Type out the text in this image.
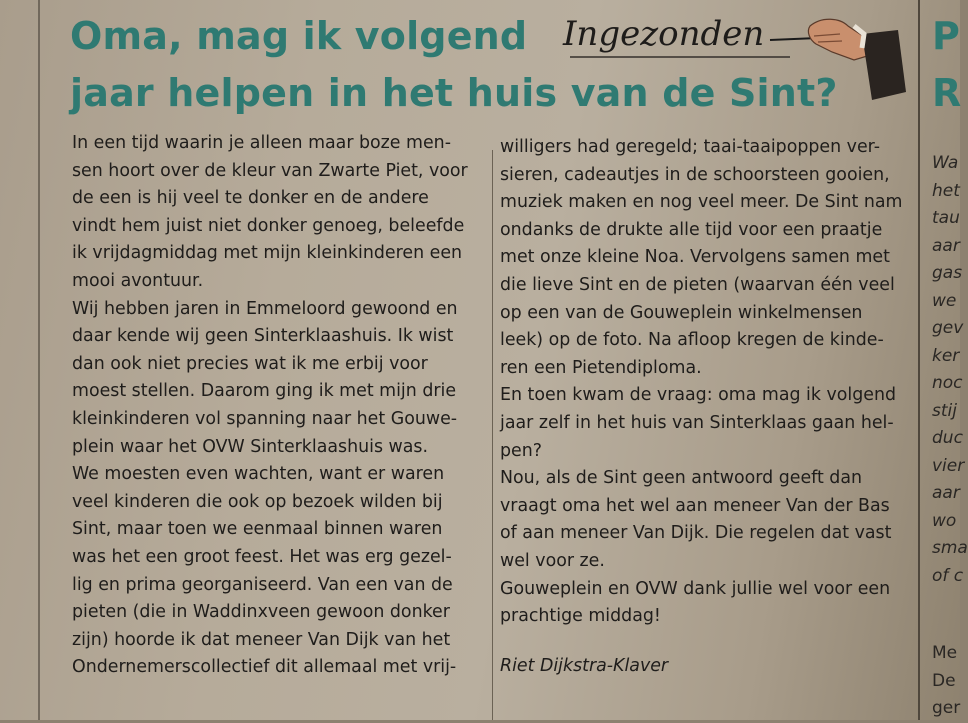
Oma, mag ik volgend
jaar helpen in het huis van de Sint?
Ingezonden
In een tijd waarin je alleen maar boze men-
sen hoort over de kleur van Zwarte Piet, voor
de een is hij veel te donker en de andere
vindt hem juist niet donker genoeg, beleefde
ik vrijdagmiddag met mijn kleinkinderen een
mooi avontuur.
Wij hebben jaren in Emmeloord gewoond en
daar kende wij geen Sinterklaashuis. Ik wist
dan ook niet precies wat ik me erbij voor
moest stellen. Daarom ging ik met mijn drie
kleinkinderen vol spanning naar het Gouwe-
plein waar het OVW Sinterklaashuis was.
We moesten even wachten, want er waren
veel kinderen die ook op bezoek wilden bij
Sint, maar toen we eenmaal binnen waren
was het een groot feest. Het was erg gezel-
lig en prima georganiseerd. Van een van de
pieten (die in Waddinxveen gewoon donker
zijn) hoorde ik dat meneer Van Dijk van het
Ondernemerscollectief dit allemaal met vrij-
willigers had geregeld; taai-taaipoppen ver-
sieren, cadeautjes in de schoorsteen gooien,
muziek maken en nog veel meer. De Sint nam
ondanks de drukte alle tijd voor een praatje
met onze kleine Noa. Vervolgens samen met
die lieve Sint en de pieten (waarvan één veel
op een van de Gouweplein winkelmensen
leek) op de foto. Na afloop kregen de kinde-
ren een Pietendiploma.
En toen kwam de vraag: oma mag ik volgend
jaar zelf in het huis van Sinterklaas gaan hel-
pen?
Nou, als de Sint geen antwoord geeft dan
vraagt oma het wel aan meneer Van der Bas
of aan meneer Van Dijk. Die regelen dat vast
wel voor ze.
Gouweplein en OVW dank jullie wel voor een
prachtige middag!
Riet Dijkstra-Klaver
P
R
Wa
het
tau
aar
gas
we
gev
ker
noc
stij
duc
vier
aar
wo
sma
of c
Me
De
ger
